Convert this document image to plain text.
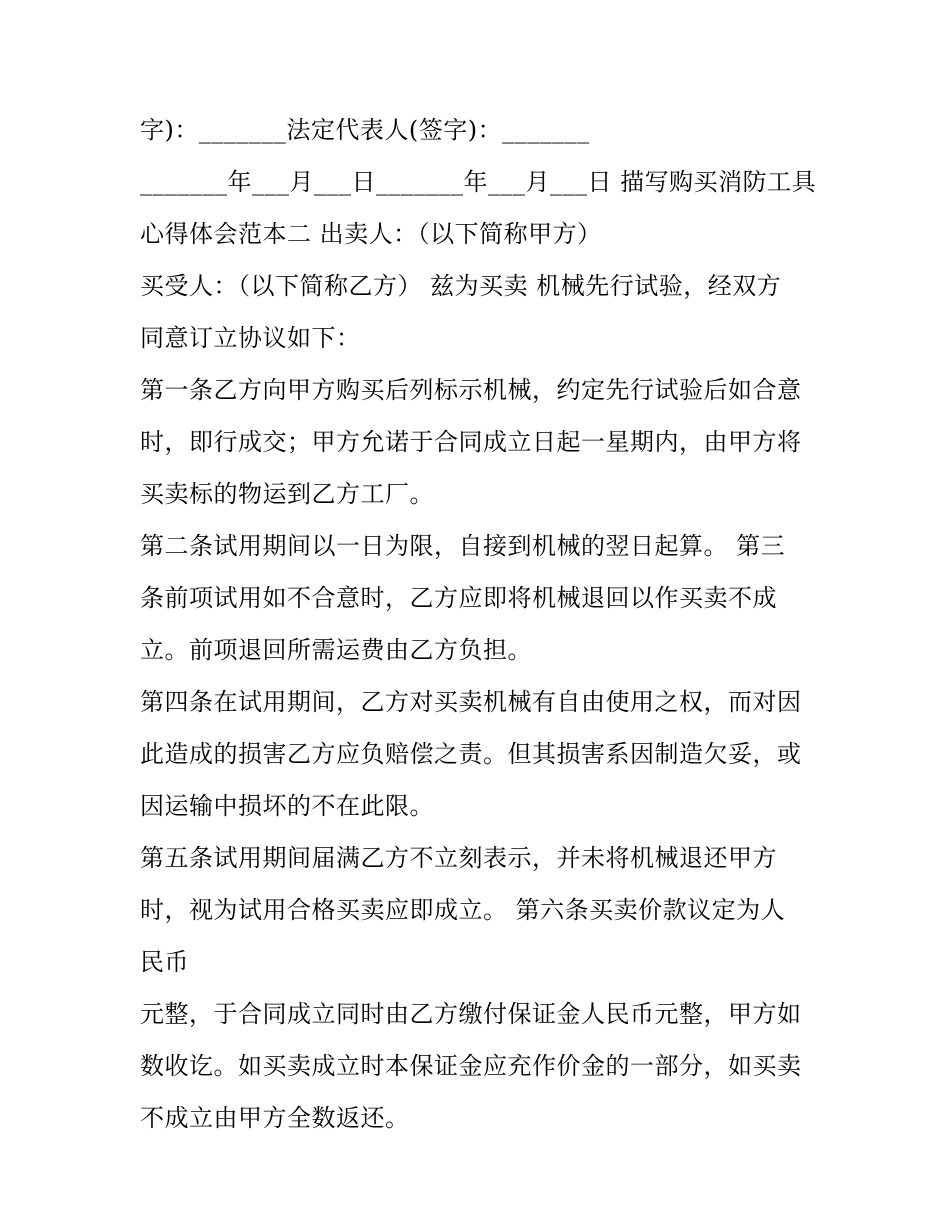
字)：_______法定代表人(签字)：_______
_______年___月___日_______年___月___日 描写购买消防工具
心得体会范本二 出卖人：（以下简称甲方）
买受人：（以下简称乙方） 兹为买卖 机械先行试验，经双方
同意订立协议如下：
第一条乙方向甲方购买后列标示机械，约定先行试验后如合意
时，即行成交；甲方允诺于合同成立日起一星期内，由甲方将
买卖标的物运到乙方工厂。
第二条试用期间以一日为限，自接到机械的翌日起算。 第三
条前项试用如不合意时，乙方应即将机械退回以作买卖不成
立。前项退回所需运费由乙方负担。
第四条在试用期间，乙方对买卖机械有自由使用之权，而对因
此造成的损害乙方应负赔偿之责。但其损害系因制造欠妥，或
因运输中损坏的不在此限。
第五条试用期间届满乙方不立刻表示，并未将机械退还甲方
时，视为试用合格买卖应即成立。 第六条买卖价款议定为人
民币
元整，于合同成立同时由乙方缴付保证金人民币元整，甲方如
数收讫。如买卖成立时本保证金应充作价金的一部分，如买卖
不成立由甲方全数返还。
